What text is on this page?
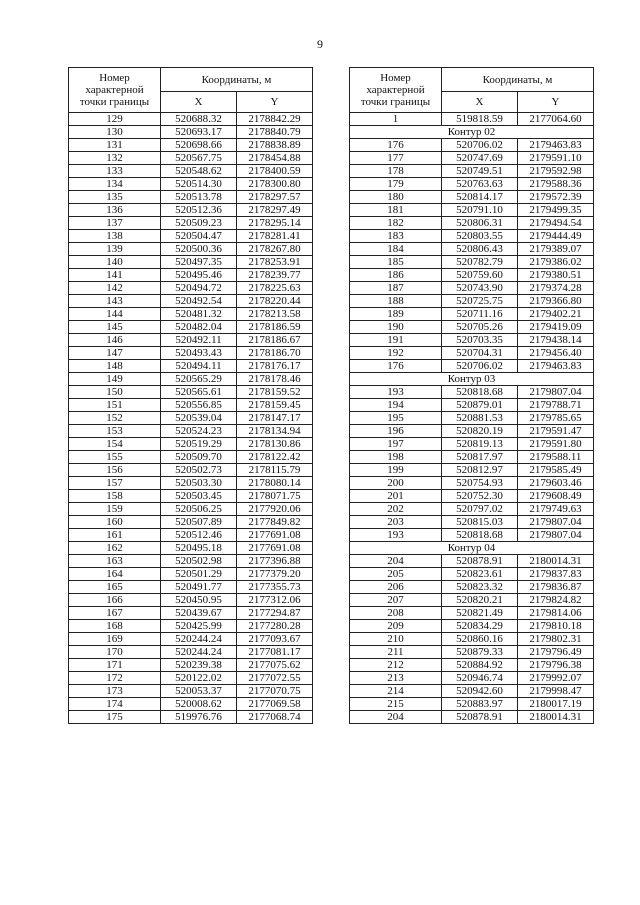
9
Номер
характерной
точки границы	Координаты, м	
	X	Y
129	520688.32	2178842.29
130	520693.17	2178840.79
131	520698.66	2178838.89
132	520567.75	2178454.88
133	520548.62	2178400.59
134	520514.30	2178300.80
135	520513.78	2178297.57
136	520512.36	2178297.49
137	520509.23	2178295.14
138	520504.47	2178281.41
139	520500.36	2178267.80
140	520497.35	2178253.91
141	520495.46	2178239.77
142	520494.72	2178225.63
143	520492.54	2178220.44
144	520481.32	2178213.58
145	520482.04	2178186.59
146	520492.11	2178186.67
147	520493.43	2178186.70
148	520494.11	2178176.17
149	520565.29	2178178.46
150	520565.61	2178159.52
151	520556.85	2178159.45
152	520539.04	2178147.17
153	520524.23	2178134.94
154	520519.29	2178130.86
155	520509.70	2178122.42
156	520502.73	2178115.79
157	520503.30	2178080.14
158	520503.45	2178071.75
159	520506.25	2177920.06
160	520507.89	2177849.82
161	520512.46	2177691.08
162	520495.18	2177691.08
163	520502.98	2177396.88
164	520501.29	2177379.20
165	520491.77	2177355.73
166	520450.95	2177312.06
167	520439.67	2177294.87
168	520425.99	2177280.28
169	520244.24	2177093.67
170	520244.24	2177081.17
171	520239.38	2177075.62
172	520122.02	2177072.55
173	520053.37	2177070.75
174	520008.62	2177069.58
175	519976.76	2177068.74
Номер
характерной
точки границы	Координаты, м	
	X	Y
1	519818.59	2177064.60
Контур 02		
176	520706.02	2179463.83
177	520747.69	2179591.10
178	520749.51	2179592.98
179	520763.63	2179588.36
180	520814.17	2179572.39
181	520791.10	2179499.35
182	520806.31	2179494.54
183	520803.55	2179444.49
184	520806.43	2179389.07
185	520782.79	2179386.02
186	520759.60	2179380.51
187	520743.90	2179374.28
188	520725.75	2179366.80
189	520711.16	2179402.21
190	520705.26	2179419.09
191	520703.35	2179438.14
192	520704.31	2179456.40
176	520706.02	2179463.83
Контур 03		
193	520818.68	2179807.04
194	520879.01	2179788.71
195	520881.53	2179785.65
196	520820.19	2179591.47
197	520819.13	2179591.80
198	520817.97	2179588.11
199	520812.97	2179585.49
200	520754.93	2179603.46
201	520752.30	2179608.49
202	520797.02	2179749.63
203	520815.03	2179807.04
193	520818.68	2179807.04
Контур 04		
204	520878.91	2180014.31
205	520823.61	2179837.83
206	520823.32	2179836.87
207	520820.21	2179824.82
208	520821.49	2179814.06
209	520834.29	2179810.18
210	520860.16	2179802.31
211	520879.33	2179796.49
212	520884.92	2179796.38
213	520946.74	2179992.07
214	520942.60	2179998.47
215	520883.97	2180017.19
204	520878.91	2180014.31
